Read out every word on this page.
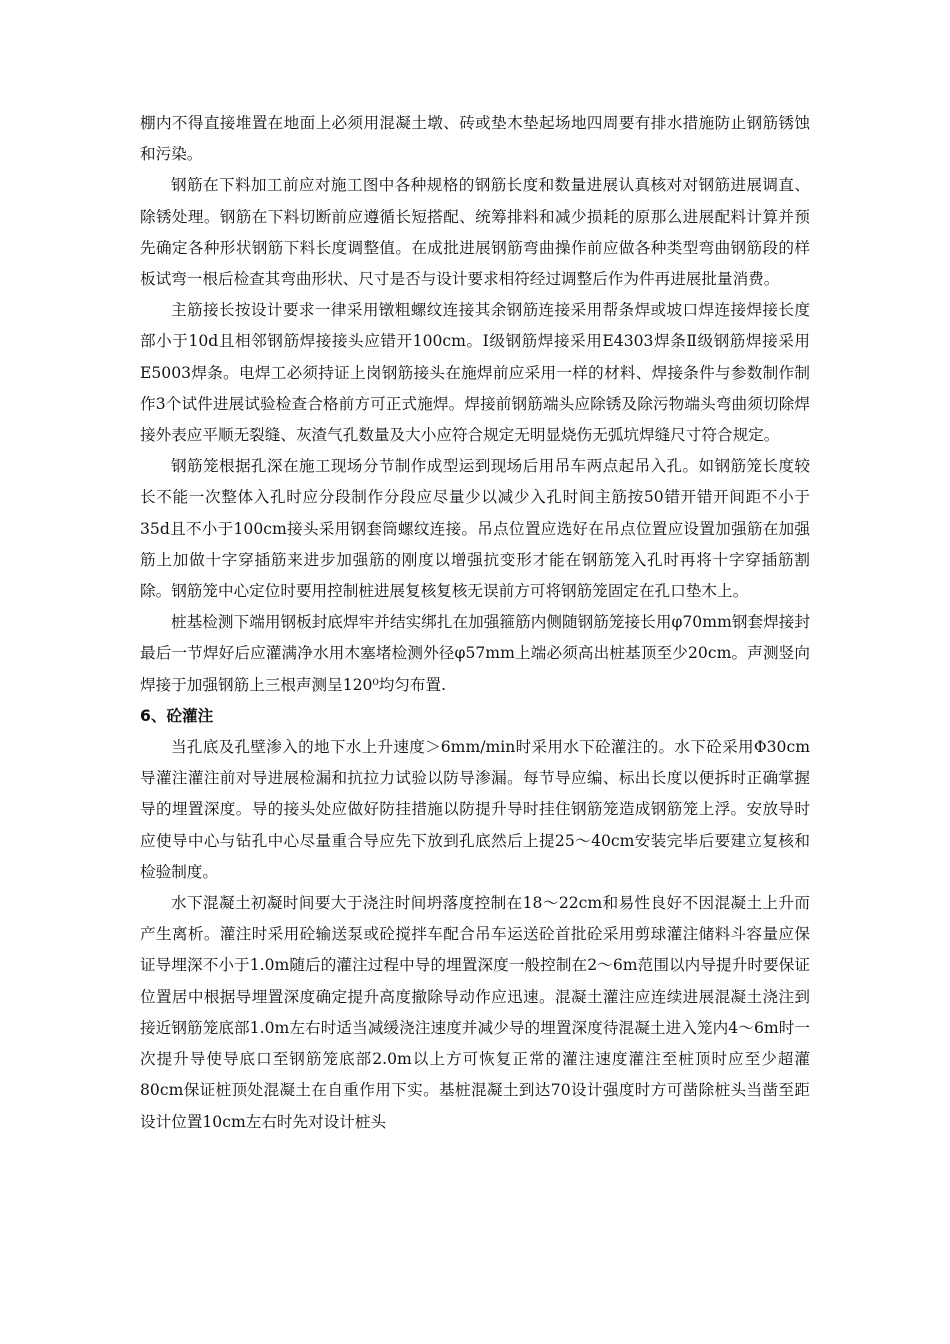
棚内不得直接堆置在地面上必须用混凝土墩、砖或垫木垫起场地四周要有排水措施防止钢筋锈蚀和污染。

钢筋在下料加工前应对施工图中各种规格的钢筋长度和数量进展认真核对对钢筋进展调直、除锈处理。钢筋在下料切断前应遵循长短搭配、统筹排料和减少损耗的原那么进展配料计算并预先确定各种形状钢筋下料长度调整值。在成批进展钢筋弯曲操作前应做各种类型弯曲钢筋段的样板试弯一根后检查其弯曲形状、尺寸是否与设计要求相符经过调整后作为件再进展批量消费。

主筋接长按设计要求一律采用镦粗螺纹连接其余钢筋连接采用帮条焊或坡口焊连接焊接长度部小于10d且相邻钢筋焊接接头应错开100cm。Ⅰ级钢筋焊接采用E4303焊条Ⅱ级钢筋焊接采用E5003焊条。电焊工必须持证上岗钢筋接头在施焊前应采用一样的材料、焊接条件与参数制作制作3个试件进展试验检查合格前方可正式施焊。焊接前钢筋端头应除锈及除污物端头弯曲须切除焊接外表应平顺无裂缝、灰渣气孔数量及大小应符合规定无明显烧伤无弧坑焊缝尺寸符合规定。

钢筋笼根据孔深在施工现场分节制作成型运到现场后用吊车两点起吊入孔。如钢筋笼长度较长不能一次整体入孔时应分段制作分段应尽量少以减少入孔时间主筋按50错开错开间距不小于35d且不小于100cm接头采用钢套筒螺纹连接。吊点位置应选好在吊点位置应设置加强筋在加强筋上加做十字穿插筋来进步加强筋的刚度以增强抗变形才能在钢筋笼入孔时再将十字穿插筋割除。钢筋笼中心定位时要用控制桩进展复核复核无误前方可将钢筋笼固定在孔口垫木上。

桩基检测下端用钢板封底焊牢并结实绑扎在加强箍筋内侧随钢筋笼接长用φ70mm钢套焊接封最后一节焊好后应灌满净水用木塞堵检测外径φ57mm上端必须高出桩基顶至少20cm。声测竖向焊接于加强钢筋上三根声测呈120⁰均匀布置.

6、砼灌注

当孔底及孔壁渗入的地下水上升速度＞6mm/min时采用水下砼灌注的。水下砼采用Φ30cm导灌注灌注前对导进展检漏和抗拉力试验以防导渗漏。每节导应编、标出长度以便拆时正确掌握导的埋置深度。导的接头处应做好防挂措施以防提升导时挂住钢筋笼造成钢筋笼上浮。安放导时应使导中心与钻孔中心尽量重合导应先下放到孔底然后上提25～40cm安装完毕后要建立复核和检验制度。

水下混凝土初凝时间要大于浇注时间坍落度控制在18～22cm和易性良好不因混凝土上升而产生离析。灌注时采用砼输送泵或砼搅拌车配合吊车运送砼首批砼采用剪球灌注储料斗容量应保证导埋深不小于1.0m随后的灌注过程中导的埋置深度一般控制在2～6m范围以内导提升时要保证位置居中根据导埋置深度确定提升高度撤除导动作应迅速。混凝土灌注应连续进展混凝土浇注到接近钢筋笼底部1.0m左右时适当减缓浇注速度并减少导的埋置深度待混凝土进入笼内4～6m时一次提升导使导底口至钢筋笼底部2.0m以上方可恢复正常的灌注速度灌注至桩顶时应至少超灌80cm保证桩顶处混凝土在自重作用下实。基桩混凝土到达70设计强度时方可凿除桩头当凿至距设计位置10cm左右时先对设计桩头
